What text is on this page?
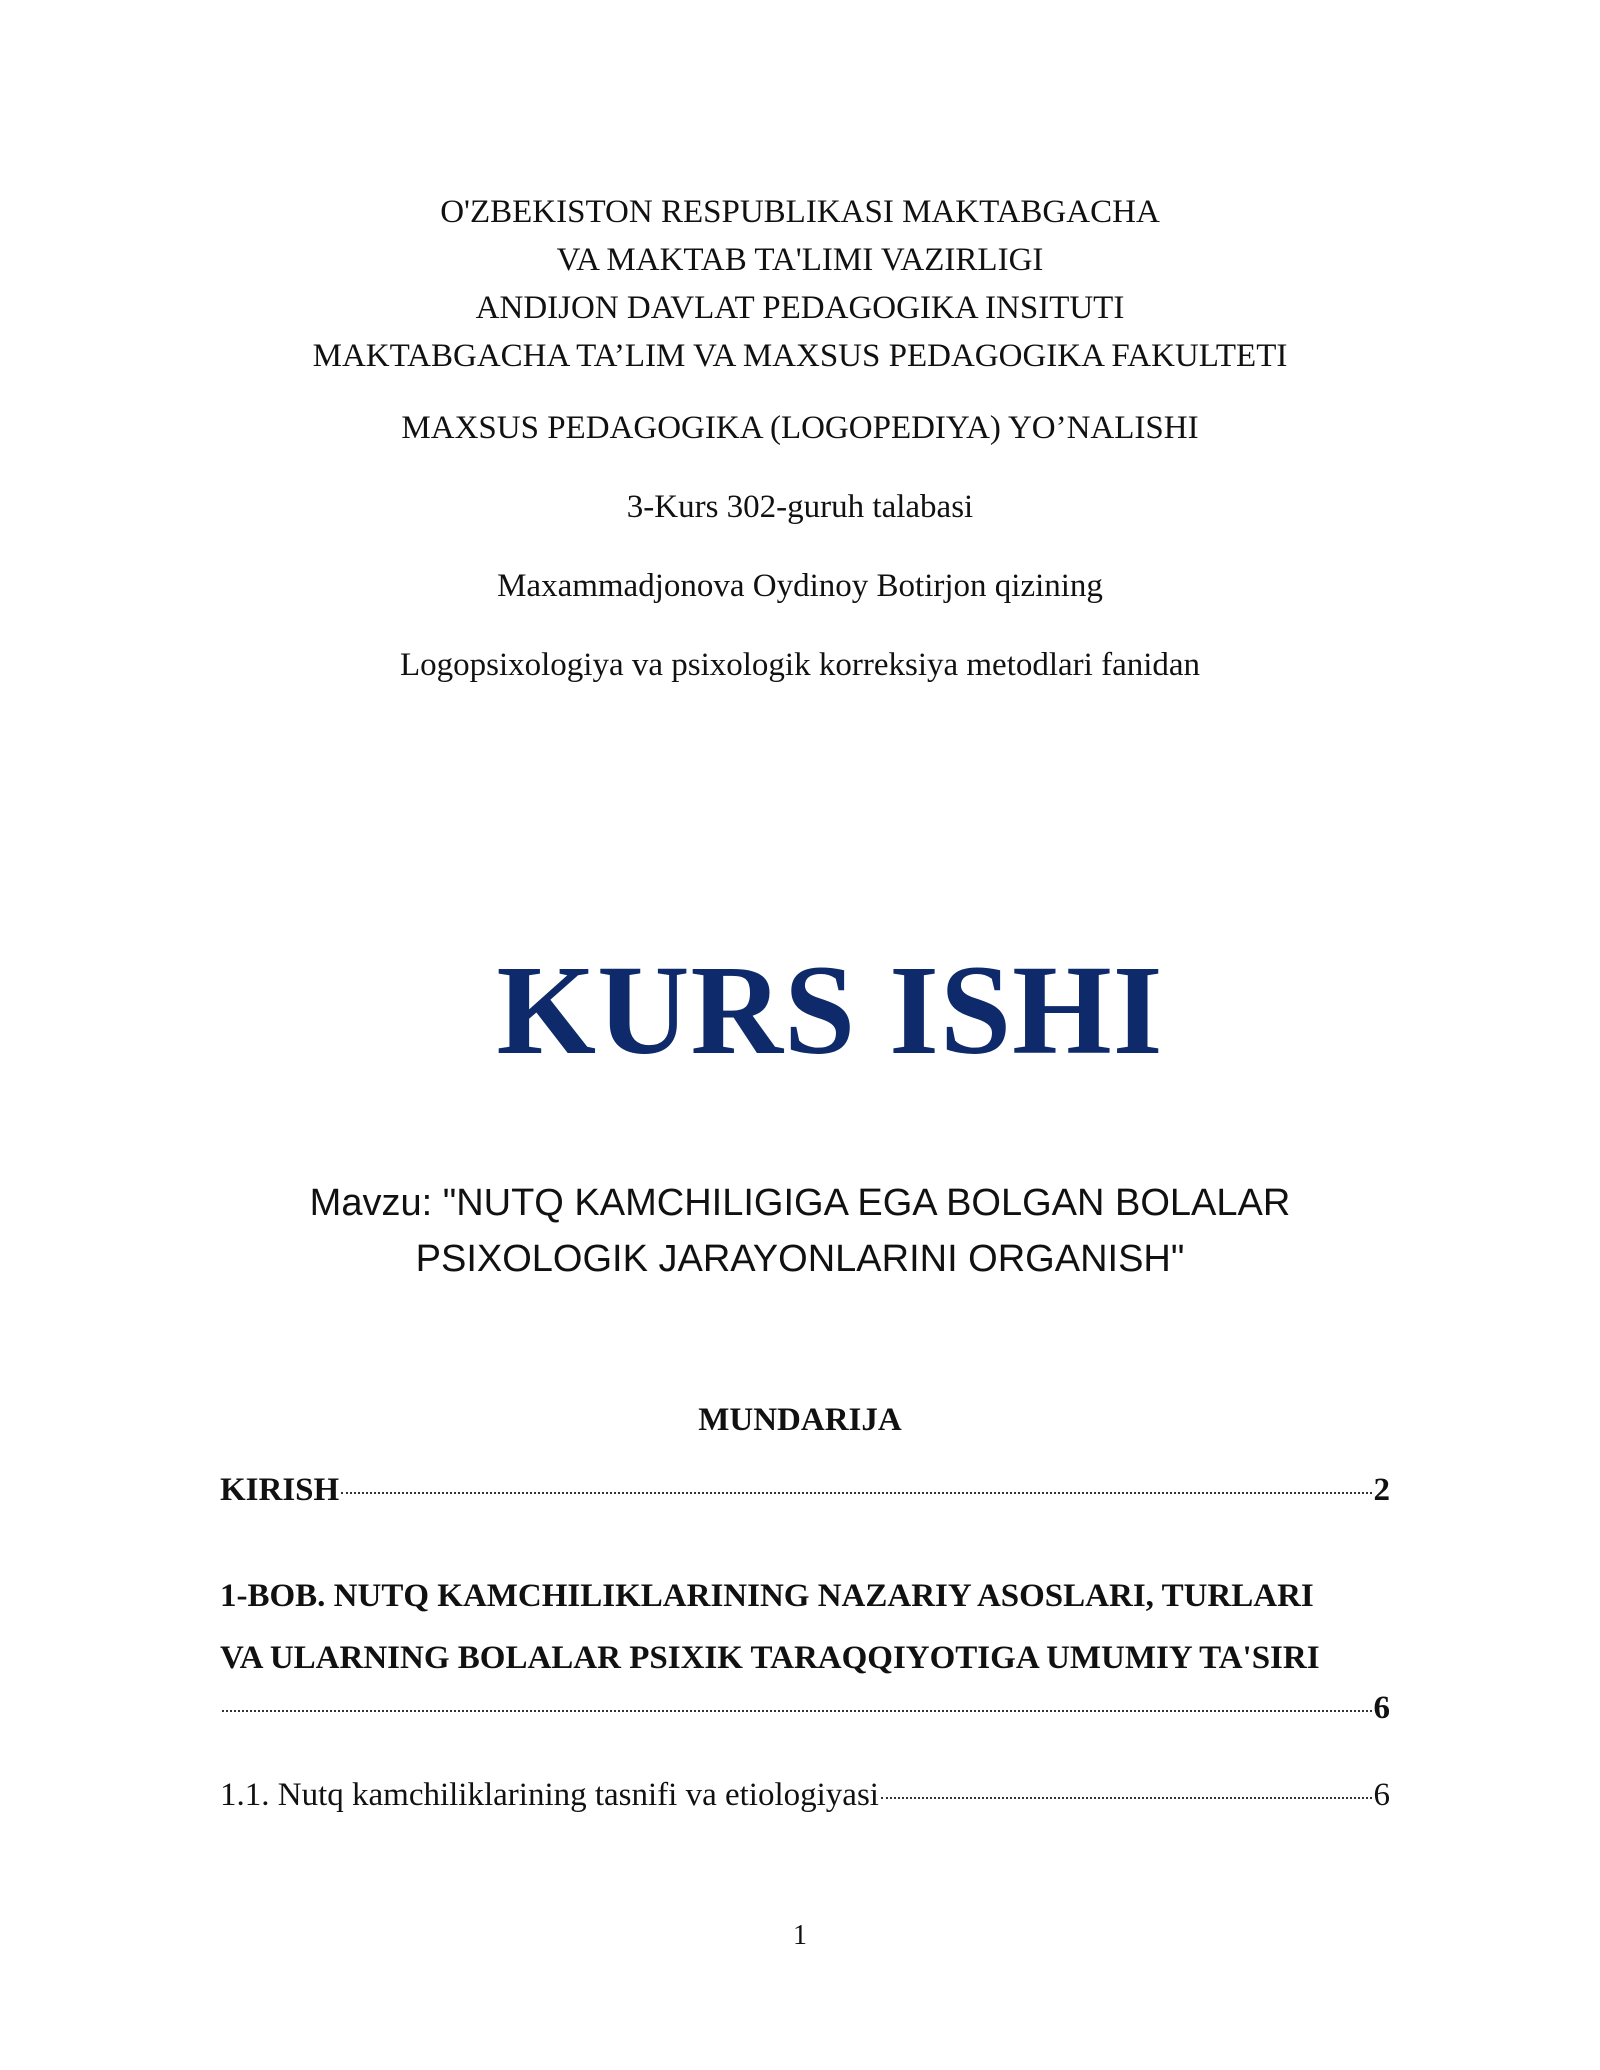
O'ZBEKISTON RESPUBLIKASI MAKTABGACHA
VA MAKTAB TA'LIMI VAZIRLIGI
ANDIJON DAVLAT PEDAGOGIKA INSITUTI
MAKTABGACHA TA’LIM VA MAXSUS PEDAGOGIKA FAKULTETI
MAXSUS PEDAGOGIKA (LOGOPEDIYA) YO’NALISHI
3-Kurs 302-guruh talabasi
Maxammadjonova Oydinoy Botirjon qizining
Logopsixologiya va psixologik korreksiya metodlari fanidan
KURS ISHI
Mavzu: "NUTQ KAMCHILIGIGA EGA BOLGAN BOLALAR
PSIXOLOGIK JARAYONLARINI ORGANISH"
MUNDARIJA
KIRISH	2
1-BOB. NUTQ KAMCHILIKLARINING NAZARIY ASOSLARI, TURLARI
VA ULARNING BOLALAR PSIXIK TARAQQIYOTIGA UMUMIY TA'SIRI
6
1.1. Nutq kamchiliklarining tasnifi va etiologiyasi	6
1
